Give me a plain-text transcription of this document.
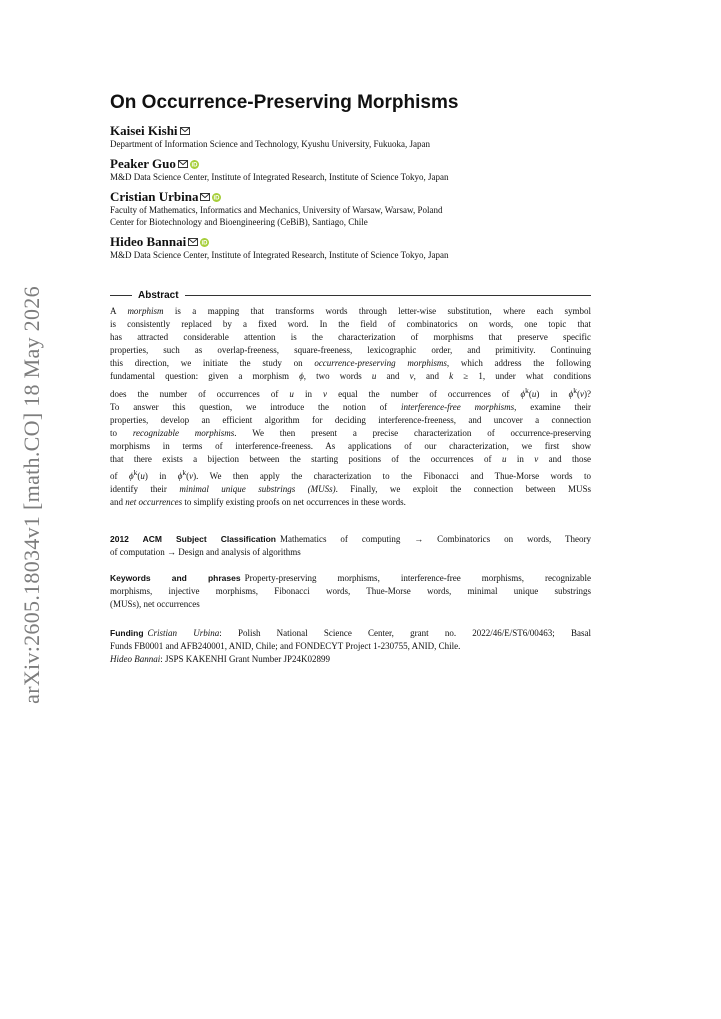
arXiv:2605.18034v1 [math.CO] 18 May 2026
On Occurrence-Preserving Morphisms
Kaisei Kishi
Department of Information Science and Technology, Kyushu University, Fukuoka, Japan
Peaker Guo	iD
M&D Data Science Center, Institute of Integrated Research, Institute of Science Tokyo, Japan
Cristian Urbina	iD
Faculty of Mathematics, Informatics and Mechanics, University of Warsaw, Warsaw, Poland
Center for Biotechnology and Bioengineering (CeBiB), Santiago, Chile
Hideo Bannai	iD
M&D Data Science Center, Institute of Integrated Research, Institute of Science Tokyo, Japan
Abstract
A morphism is a mapping that transforms words through letter-wise substitution, where each symbol
is consistently replaced by a fixed word. In the field of combinatorics on words, one topic that
has attracted considerable attention is the characterization of morphisms that preserve specific
properties, such as overlap-freeness, square-freeness, lexicographic order, and primitivity. Continuing
this direction, we initiate the study on occurrence-preserving morphisms, which address the following
fundamental question: given a morphism ϕ, two words u and v, and k ≥ 1, under what conditions
does the number of occurrences of u in v equal the number of occurrences of $\phi^k(u)$ in $\phi^k(v)$?
To answer this question, we introduce the notion of interference-free morphisms, examine their
properties, develop an efficient algorithm for deciding interference-freeness, and uncover a connection
to recognizable morphisms. We then present a precise characterization of occurrence-preserving
morphisms in terms of interference-freeness. As applications of our characterization, we first show
that there exists a bijection between the starting positions of the occurrences of u in v and those
of $\phi^k(u)$ in $\phi^k(v)$. We then apply the characterization to the Fibonacci and Thue-Morse words to
identify their minimal unique substrings (MUSs). Finally, we exploit the connection between MUSs
and net occurrences to simplify existing proofs on net occurrences in these words.
2012 ACM Subject Classification Mathematics of computing → Combinatorics on words, Theory
of computation → Design and analysis of algorithms
Keywords and phrases Property-preserving morphisms, interference-free morphisms, recognizable
morphisms, injective morphisms, Fibonacci words, Thue-Morse words, minimal unique substrings
(MUSs), net occurrences
Funding Cristian Urbina: Polish National Science Center, grant no. 2022/46/E/ST6/00463; Basal
Funds FB0001 and AFB240001, ANID, Chile; and FONDECYT Project 1-230755, ANID, Chile.
Hideo Bannai: JSPS KAKENHI Grant Number JP24K02899
